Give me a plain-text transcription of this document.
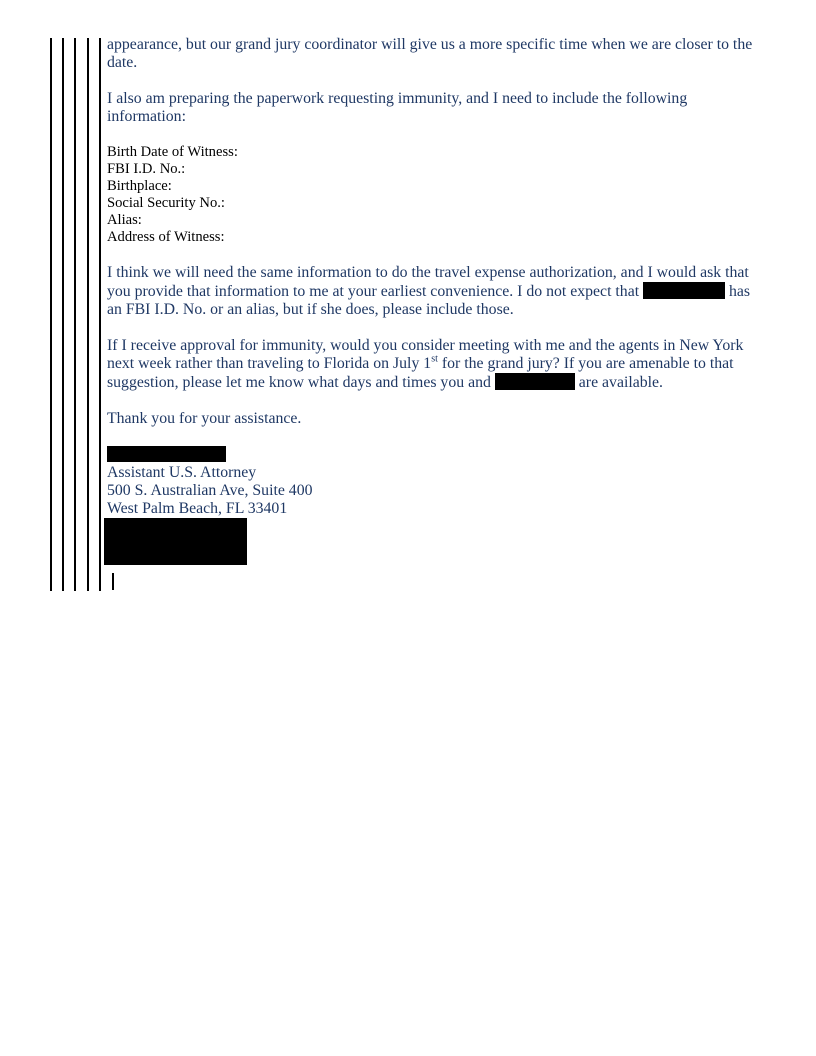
appearance, but our grand jury coordinator will give us a more specific time when we are closer to the date.

I also am preparing the paperwork requesting immunity, and I need to include the following information:

Birth Date of Witness:
FBI I.D. No.:
Birthplace:
Social Security No.:
Alias:
Address of Witness:

I think we will need the same information to do the travel expense authorization, and I would ask that you provide that information to me at your earliest convenience. I do not expect that	has an FBI I.D. No. or an alias, but if she does, please include those.

If I receive approval for immunity, would you consider meeting with me and the agents in New York next week rather than traveling to Florida on July 1st for the grand jury? If you are amenable to that suggestion, please let me know what days and times you and	are available.

Thank you for your assistance.

Assistant U.S. Attorney
500 S. Australian Ave, Suite 400
West Palm Beach, FL 33401
